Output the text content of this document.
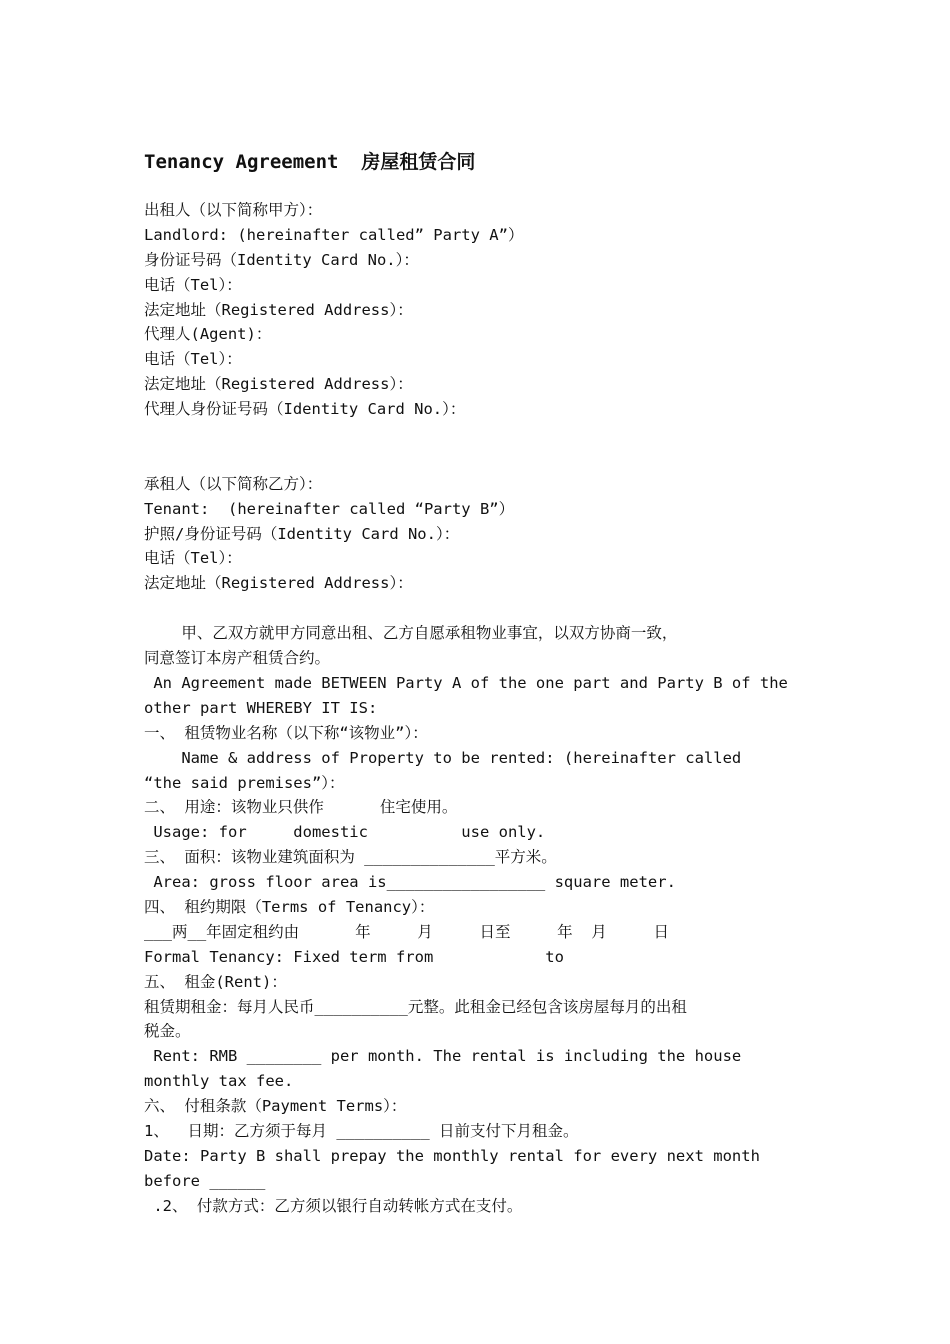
Tenancy Agreement  房屋租赁合同
出租人（以下简称甲方）：
Landlord: (hereinafter called” Party A”）
身份证号码（Identity Card No.）：
电话（Tel）：
法定地址（Registered Address）：
代理人(Agent)：
电话（Tel）：
法定地址（Registered Address）：
代理人身份证号码（Identity Card No.）：
承租人（以下简称乙方）：
Tenant:  (hereinafter called “Party B”）
护照/身份证号码（Identity Card No.）：
电话（Tel）：
法定地址（Registered Address）：
甲、乙双方就甲方同意出租、乙方自愿承租物业事宜，以双方协商一致，
同意签订本房产租赁合约。
An Agreement made BETWEEN Party A of the one part and Party B of the
other part WHEREBY IT IS:
一、 租赁物业名称（以下称“该物业”）：
Name & address of Property to be rented: (hereinafter called
“the said premises”）：
二、 用途：该物业只供作      住宅使用。
Usage: for     domestic          use only.
三、 面积：该物业建筑面积为 ______________平方米。
Area: gross floor area is_________________ square meter.
四、 租约期限（Terms of Tenancy）：
___两__年固定租约由      年     月     日至     年  月     日
Formal Tenancy: Fixed term from            to
五、 租金(Rent)：
租赁期租金：每月人民币__________元整。此租金已经包含该房屋每月的出租
税金。
Rent: RMB ________ per month. The rental is including the house
monthly tax fee.
六、 付租条款（Payment Terms）：
1、  日期：乙方须于每月 __________ 日前支付下月租金。
Date: Party B shall prepay the monthly rental for every next month
before ______
.2、 付款方式：乙方须以银行自动转帐方式在支付。
